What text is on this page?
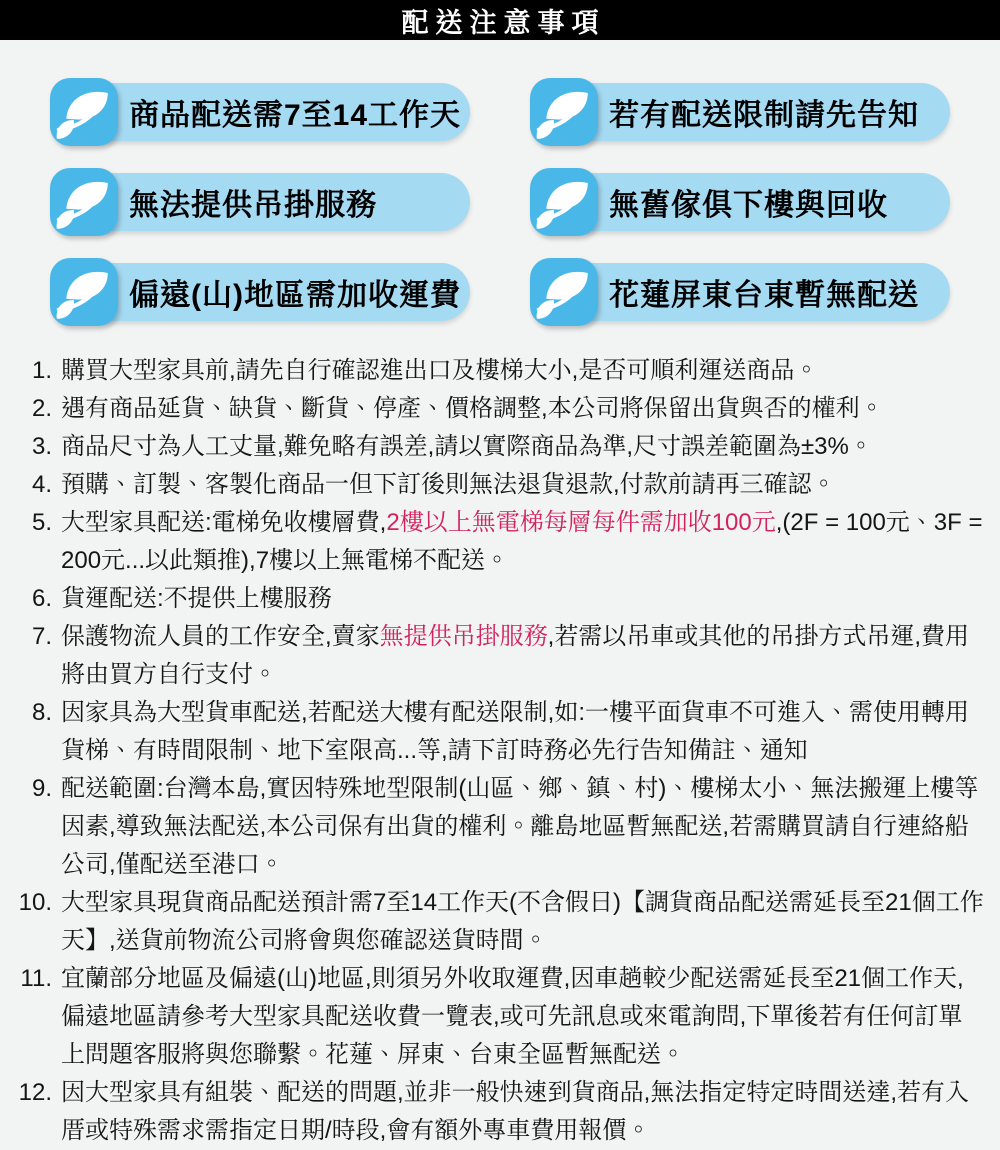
配送注意事項
商品配送需7至14工作天	若有配送限制請先告知
無法提供吊掛服務	無舊傢俱下樓與回收
偏遠(山)地區需加收運費	花蓮屏東台東暫無配送
1. 購買大型家具前,請先自行確認進出口及樓梯大小,是否可順利運送商品。
2. 遇有商品延貨、缺貨、斷貨、停產、價格調整,本公司將保留出貨與否的權利。
3. 商品尺寸為人工丈量,難免略有誤差,請以實際商品為準,尺寸誤差範圍為±3%。
4. 預購、訂製、客製化商品一但下訂後則無法退貨退款,付款前請再三確認。
5. 大型家具配送:電梯免收樓層費,2樓以上無電梯每層每件需加收100元,(2F = 100元、3F = 200元...以此類推),7樓以上無電梯不配送。
6. 貨運配送:不提供上樓服務
7. 保護物流人員的工作安全,賣家無提供吊掛服務,若需以吊車或其他的吊掛方式吊運,費用將由買方自行支付。
8. 因家具為大型貨車配送,若配送大樓有配送限制,如:一樓平面貨車不可進入、需使用轉用貨梯、有時間限制、地下室限高...等,請下訂時務必先行告知備註、通知
9. 配送範圍:台灣本島,實因特殊地型限制(山區、鄉、鎮、村)、樓梯太小、無法搬運上樓等因素,導致無法配送,本公司保有出貨的權利。離島地區暫無配送,若需購買請自行連絡船公司,僅配送至港口。
10. 大型家具現貨商品配送預計需7至14工作天(不含假日)【調貨商品配送需延長至21個工作天】,送貨前物流公司將會與您確認送貨時間。
11. 宜蘭部分地區及偏遠(山)地區,則須另外收取運費,因車趟較少配送需延長至21個工作天,偏遠地區請參考大型家具配送收費一覽表,或可先訊息或來電詢問,下單後若有任何訂單上問題客服將與您聯繫。花蓮、屏東、台東全區暫無配送。
12. 因大型家具有組裝、配送的問題,並非一般快速到貨商品,無法指定特定時間送達,若有入厝或特殊需求需指定日期/時段,會有額外專車費用報價。
